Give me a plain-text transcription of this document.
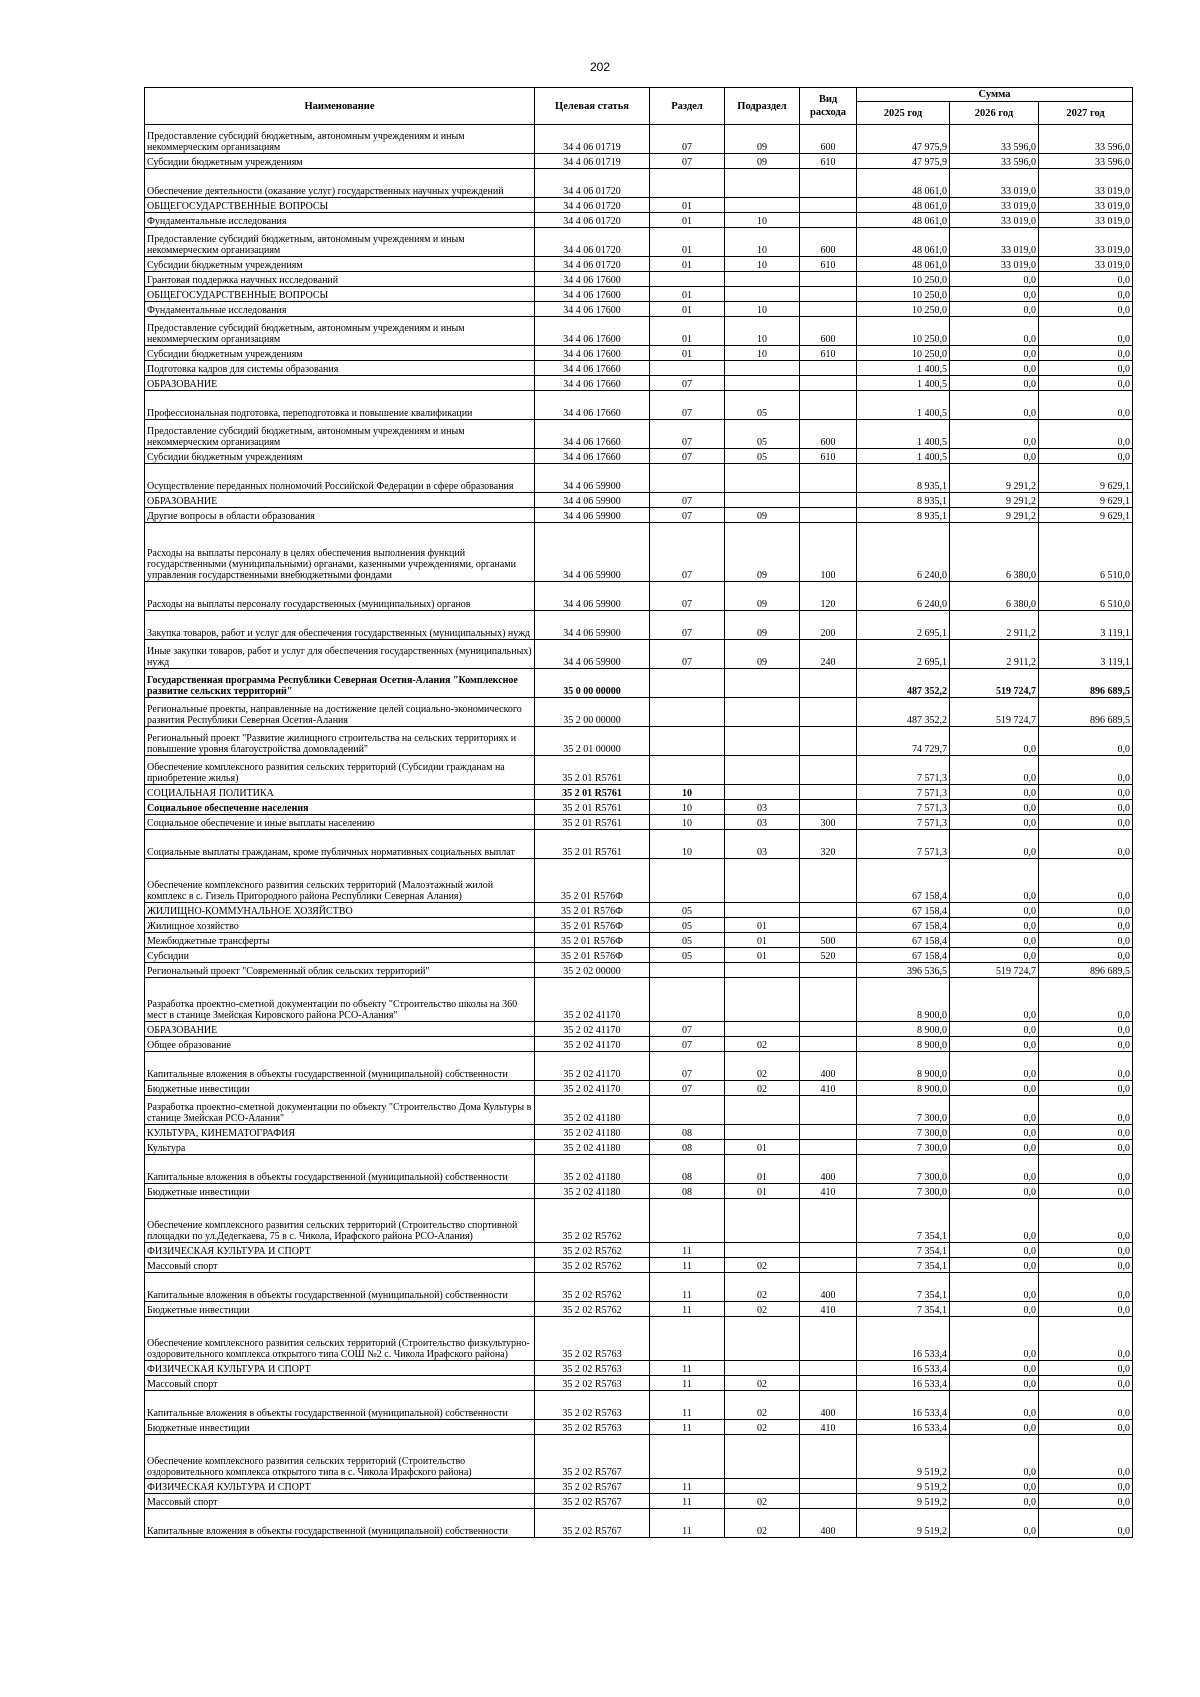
202
Наименование	Целевая статья	Раздел	Подраздел	Вид расхода	Сумма		
					2025 год	2026 год	2027 год
Предоставление субсидий бюджетным, автономным учреждениям и иным некоммерческим организациям	34 4 06 01719	07	09	600	47 975,9	33 596,0	33 596,0
Субсидии бюджетным учреждениям	34 4 06 01719	07	09	610	47 975,9	33 596,0	33 596,0
Обеспечение деятельности (оказание услуг) государственных научных учреждений	34 4 06 01720				48 061,0	33 019,0	33 019,0
ОБЩЕГОСУДАРСТВЕННЫЕ ВОПРОСЫ	34 4 06 01720	01			48 061,0	33 019,0	33 019,0
Фундаментальные исследования	34 4 06 01720	01	10		48 061,0	33 019,0	33 019,0
Предоставление субсидий бюджетным, автономным учреждениям и иным некоммерческим организациям	34 4 06 01720	01	10	600	48 061,0	33 019,0	33 019,0
Субсидии бюджетным учреждениям	34 4 06 01720	01	10	610	48 061,0	33 019,0	33 019,0
Грантовая поддержка научных исследований	34 4 06 17600				10 250,0	0,0	0,0
ОБЩЕГОСУДАРСТВЕННЫЕ ВОПРОСЫ	34 4 06 17600	01			10 250,0	0,0	0,0
Фундаментальные исследования	34 4 06 17600	01	10		10 250,0	0,0	0,0
Предоставление субсидий бюджетным, автономным учреждениям и иным некоммерческим организациям	34 4 06 17600	01	10	600	10 250,0	0,0	0,0
Субсидии бюджетным учреждениям	34 4 06 17600	01	10	610	10 250,0	0,0	0,0
Подготовка кадров для системы образования	34 4 06 17660				1 400,5	0,0	0,0
ОБРАЗОВАНИЕ	34 4 06 17660	07			1 400,5	0,0	0,0
Профессиональная подготовка, переподготовка и повышение квалификации	34 4 06 17660	07	05		1 400,5	0,0	0,0
Предоставление субсидий бюджетным, автономным учреждениям и иным некоммерческим организациям	34 4 06 17660	07	05	600	1 400,5	0,0	0,0
Субсидии бюджетным учреждениям	34 4 06 17660	07	05	610	1 400,5	0,0	0,0
Осуществление переданных полномочий Российской Федерации в сфере образования	34 4 06 59900				8 935,1	9 291,2	9 629,1
ОБРАЗОВАНИЕ	34 4 06 59900	07			8 935,1	9 291,2	9 629,1
Другие вопросы в области образования	34 4 06 59900	07	09		8 935,1	9 291,2	9 629,1
Расходы на выплаты персоналу в целях обеспечения выполнения функций государственными (муниципальными) органами, казенными учреждениями, органами управления государственными внебюджетными фондами	34 4 06 59900	07	09	100	6 240,0	6 380,0	6 510,0
Расходы на выплаты персоналу государственных (муниципальных) органов	34 4 06 59900	07	09	120	6 240,0	6 380,0	6 510,0
Закупка товаров, работ и услуг для обеспечения государственных (муниципальных) нужд	34 4 06 59900	07	09	200	2 695,1	2 911,2	3 119,1
Иные закупки товаров, работ и услуг для обеспечения государственных (муниципальных) нужд	34 4 06 59900	07	09	240	2 695,1	2 911,2	3 119,1
Государственная программа Республики Северная Осетия-Алания "Комплексное развитие сельских территорий"	35 0 00 00000				487 352,2	519 724,7	896 689,5
Региональные проекты, направленные на достижение целей социально-экономического развития Республики Северная Осетия-Алания	35 2 00 00000				487 352,2	519 724,7	896 689,5
Региональный проект "Развитие жилищного строительства на сельских территориях и повышение уровня благоустройства домовладений"	35 2 01 00000				74 729,7	0,0	0,0
Обеспечение комплексного развития сельских территорий (Субсидии гражданам на приобретение жилья)	35 2 01 R5761				7 571,3	0,0	0,0
СОЦИАЛЬНАЯ ПОЛИТИКА	35 2 01 R5761	10			7 571,3	0,0	0,0
Социальное обеспечение населения	35 2 01 R5761	10	03		7 571,3	0,0	0,0
Социальное обеспечение и иные выплаты населению	35 2 01 R5761	10	03	300	7 571,3	0,0	0,0
Социальные выплаты гражданам, кроме публичных нормативных социальных выплат	35 2 01 R5761	10	03	320	7 571,3	0,0	0,0
Обеспечение комплексного развития сельских территорий (Малоэтажный жилой комплекс в с. Гизель Пригородного района Республики Северная Алания)	35 2 01 R576Ф				67 158,4	0,0	0,0
ЖИЛИЩНО-КОММУНАЛЬНОЕ ХОЗЯЙСТВО	35 2 01 R576Ф	05			67 158,4	0,0	0,0
Жилищное хозяйство	35 2 01 R576Ф	05	01		67 158,4	0,0	0,0
Межбюджетные трансферты	35 2 01 R576Ф	05	01	500	67 158,4	0,0	0,0
Субсидии	35 2 01 R576Ф	05	01	520	67 158,4	0,0	0,0
Региональный проект "Современный облик сельских территорий"	35 2 02 00000				396 536,5	519 724,7	896 689,5
Разработка проектно-сметной документации по объекту "Строительство школы на 360 мест в станице Змейская Кировского района РСО-Алания"	35 2 02 41170				8 900,0	0,0	0,0
ОБРАЗОВАНИЕ	35 2 02 41170	07			8 900,0	0,0	0,0
Общее образование	35 2 02 41170	07	02		8 900,0	0,0	0,0
Капитальные вложения в объекты государственной (муниципальной) собственности	35 2 02 41170	07	02	400	8 900,0	0,0	0,0
Бюджетные инвестиции	35 2 02 41170	07	02	410	8 900,0	0,0	0,0
Разработка проектно-сметной документации по объекту "Строительство Дома Культуры в станице Змейская РСО-Алания"	35 2 02 41180				7 300,0	0,0	0,0
КУЛЬТУРА, КИНЕМАТОГРАФИЯ	35 2 02 41180	08			7 300,0	0,0	0,0
Культура	35 2 02 41180	08	01		7 300,0	0,0	0,0
Капитальные вложения в объекты государственной (муниципальной) собственности	35 2 02 41180	08	01	400	7 300,0	0,0	0,0
Бюджетные инвестиции	35 2 02 41180	08	01	410	7 300,0	0,0	0,0
Обеспечение комплексного развития сельских территорий (Строительство спортивной площадки по ул.Дедегкаева, 75 в с. Чикола, Ирафского района РСО-Алания)	35 2 02 R5762				7 354,1	0,0	0,0
ФИЗИЧЕСКАЯ КУЛЬТУРА И СПОРТ	35 2 02 R5762	11			7 354,1	0,0	0,0
Массовый спорт	35 2 02 R5762	11	02		7 354,1	0,0	0,0
Капитальные вложения в объекты государственной (муниципальной) собственности	35 2 02 R5762	11	02	400	7 354,1	0,0	0,0
Бюджетные инвестиции	35 2 02 R5762	11	02	410	7 354,1	0,0	0,0
Обеспечение комплексного развития сельских территорий (Строительство физкультурно-оздоровительного комплекса открытого типа СОШ №2 с. Чикола Ирафского района)	35 2 02 R5763				16 533,4	0,0	0,0
ФИЗИЧЕСКАЯ КУЛЬТУРА И СПОРТ	35 2 02 R5763	11			16 533,4	0,0	0,0
Массовый спорт	35 2 02 R5763	11	02		16 533,4	0,0	0,0
Капитальные вложения в объекты государственной (муниципальной) собственности	35 2 02 R5763	11	02	400	16 533,4	0,0	0,0
Бюджетные инвестиции	35 2 02 R5763	11	02	410	16 533,4	0,0	0,0
Обеспечение комплексного развития сельских территорий (Строительство оздоровительного комплекса открытого типа в с. Чикола Ирафского района)	35 2 02 R5767				9 519,2	0,0	0,0
ФИЗИЧЕСКАЯ КУЛЬТУРА И СПОРТ	35 2 02 R5767	11			9 519,2	0,0	0,0
Массовый спорт	35 2 02 R5767	11	02		9 519,2	0,0	0,0
Капитальные вложения в объекты государственной (муниципальной) собственности	35 2 02 R5767	11	02	400	9 519,2	0,0	0,0
